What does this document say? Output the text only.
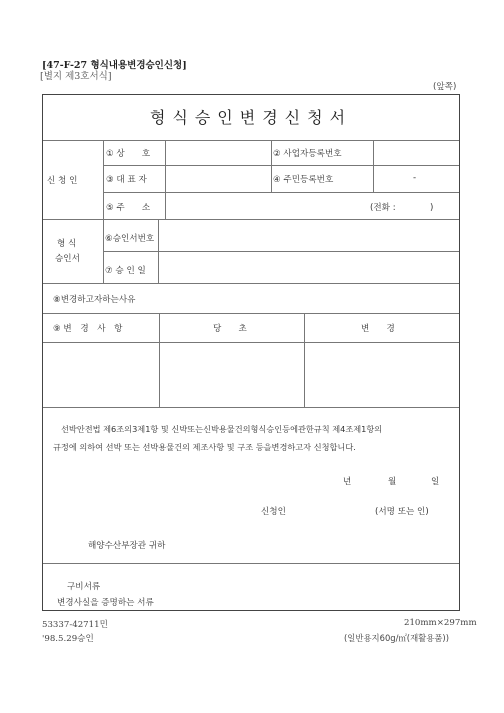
[47-F-27 형식내용변경승인신청]
[별지 제3호서식]
(앞쪽)
형식승인변경신청서
신 청 인
① 상　　호	② 사업자등록번호
③ 대 표 자	④ 주민등록번호	-
⑤ 주　　소	(전화 :　　　　)
형 식
승인서
⑥승인서번호
⑦ 승 인 일
⑧변경하고자하는사유
⑨ 변　경　사　항	당　　초	변　　경
선박안전법 제6조의3제1항 및 신박또는신박용물건의형식승인등에관한규칙 제4조제1항의
규정에 의하여 선박 또는 선박용물건의 제조사항 및 구조 등을변경하고자 신청합니다.
년	월	일
신청인	(서명 또는 인)
해양수산부장관 귀하
구비서류
변경사실을 증명하는 서류
53337-42711민
'98.5.29승인
210mm×297mm
(일반용지60g/㎡(재활용품))
